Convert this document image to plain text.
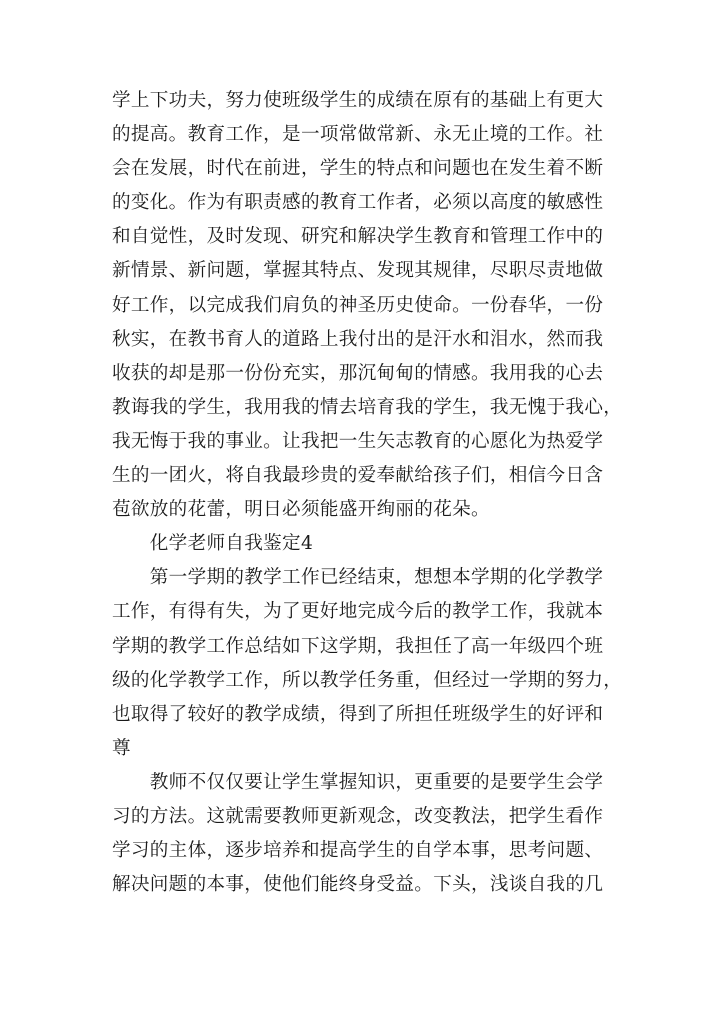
学上下功夫，努力使班级学生的成绩在原有的基础上有更大
的提高。教育工作，是一项常做常新、永无止境的工作。社
会在发展，时代在前进，学生的特点和问题也在发生着不断
的变化。作为有职责感的教育工作者，必须以高度的敏感性
和自觉性，及时发现、研究和解决学生教育和管理工作中的
新情景、新问题，掌握其特点、发现其规律，尽职尽责地做
好工作，以完成我们肩负的神圣历史使命。一份春华，一份
秋实，在教书育人的道路上我付出的是汗水和泪水，然而我
收获的却是那一份份充实，那沉甸甸的情感。我用我的心去
教诲我的学生，我用我的情去培育我的学生，我无愧于我心，
我无悔于我的事业。让我把一生矢志教育的心愿化为热爱学
生的一团火，将自我最珍贵的爱奉献给孩子们，相信今日含
苞欲放的花蕾，明日必须能盛开绚丽的花朵。
　　化学老师自我鉴定4
　　第一学期的教学工作已经结束，想想本学期的化学教学
工作，有得有失，为了更好地完成今后的教学工作，我就本
学期的教学工作总结如下这学期，我担任了高一年级四个班
级的化学教学工作，所以教学任务重，但经过一学期的努力，
也取得了较好的教学成绩，得到了所担任班级学生的好评和
尊
　　教师不仅仅要让学生掌握知识，更重要的是要学生会学
习的方法。这就需要教师更新观念，改变教法，把学生看作
学习的主体，逐步培养和提高学生的自学本事，思考问题、
解决问题的本事，使他们能终身受益。下头，浅谈自我的几
